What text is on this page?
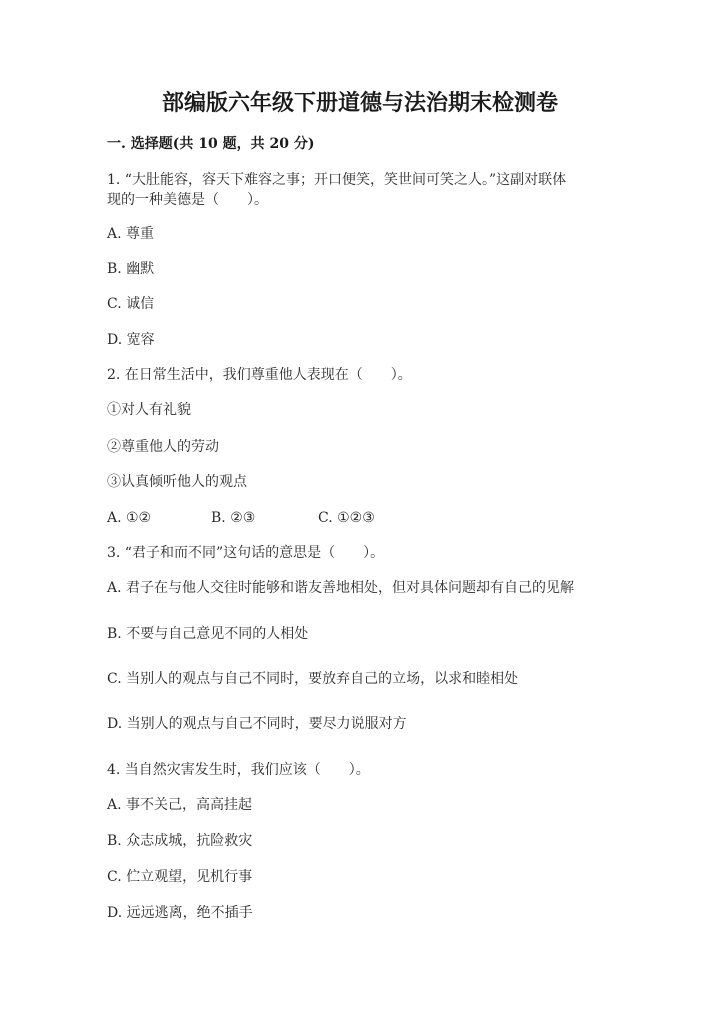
部编版六年级下册道德与法治期末检测卷
一. 选择题(共 10 题，共 20 分)
1. “大肚能容，容天下难容之事；开口便笑，笑世间可笑之人。”这副对联体
现的一种美德是（　　）。
A. 尊重
B. 幽默
C. 诚信
D. 宽容
2. 在日常生活中，我们尊重他人表现在（　　）。
①对人有礼貌
②尊重他人的劳动
③认真倾听他人的观点
A. ①②	B. ②③	C. ①②③
3. “君子和而不同”这句话的意思是（　　）。
A. 君子在与他人交往时能够和谐友善地相处，但对具体问题却有自己的见解
B. 不要与自己意见不同的人相处
C. 当别人的观点与自己不同时，要放弃自己的立场，以求和睦相处
D. 当别人的观点与自己不同时，要尽力说服对方
4. 当自然灾害发生时，我们应该（　　）。
A. 事不关己，高高挂起
B. 众志成城，抗险救灾
C. 伫立观望，见机行事
D. 远远逃离，绝不插手
